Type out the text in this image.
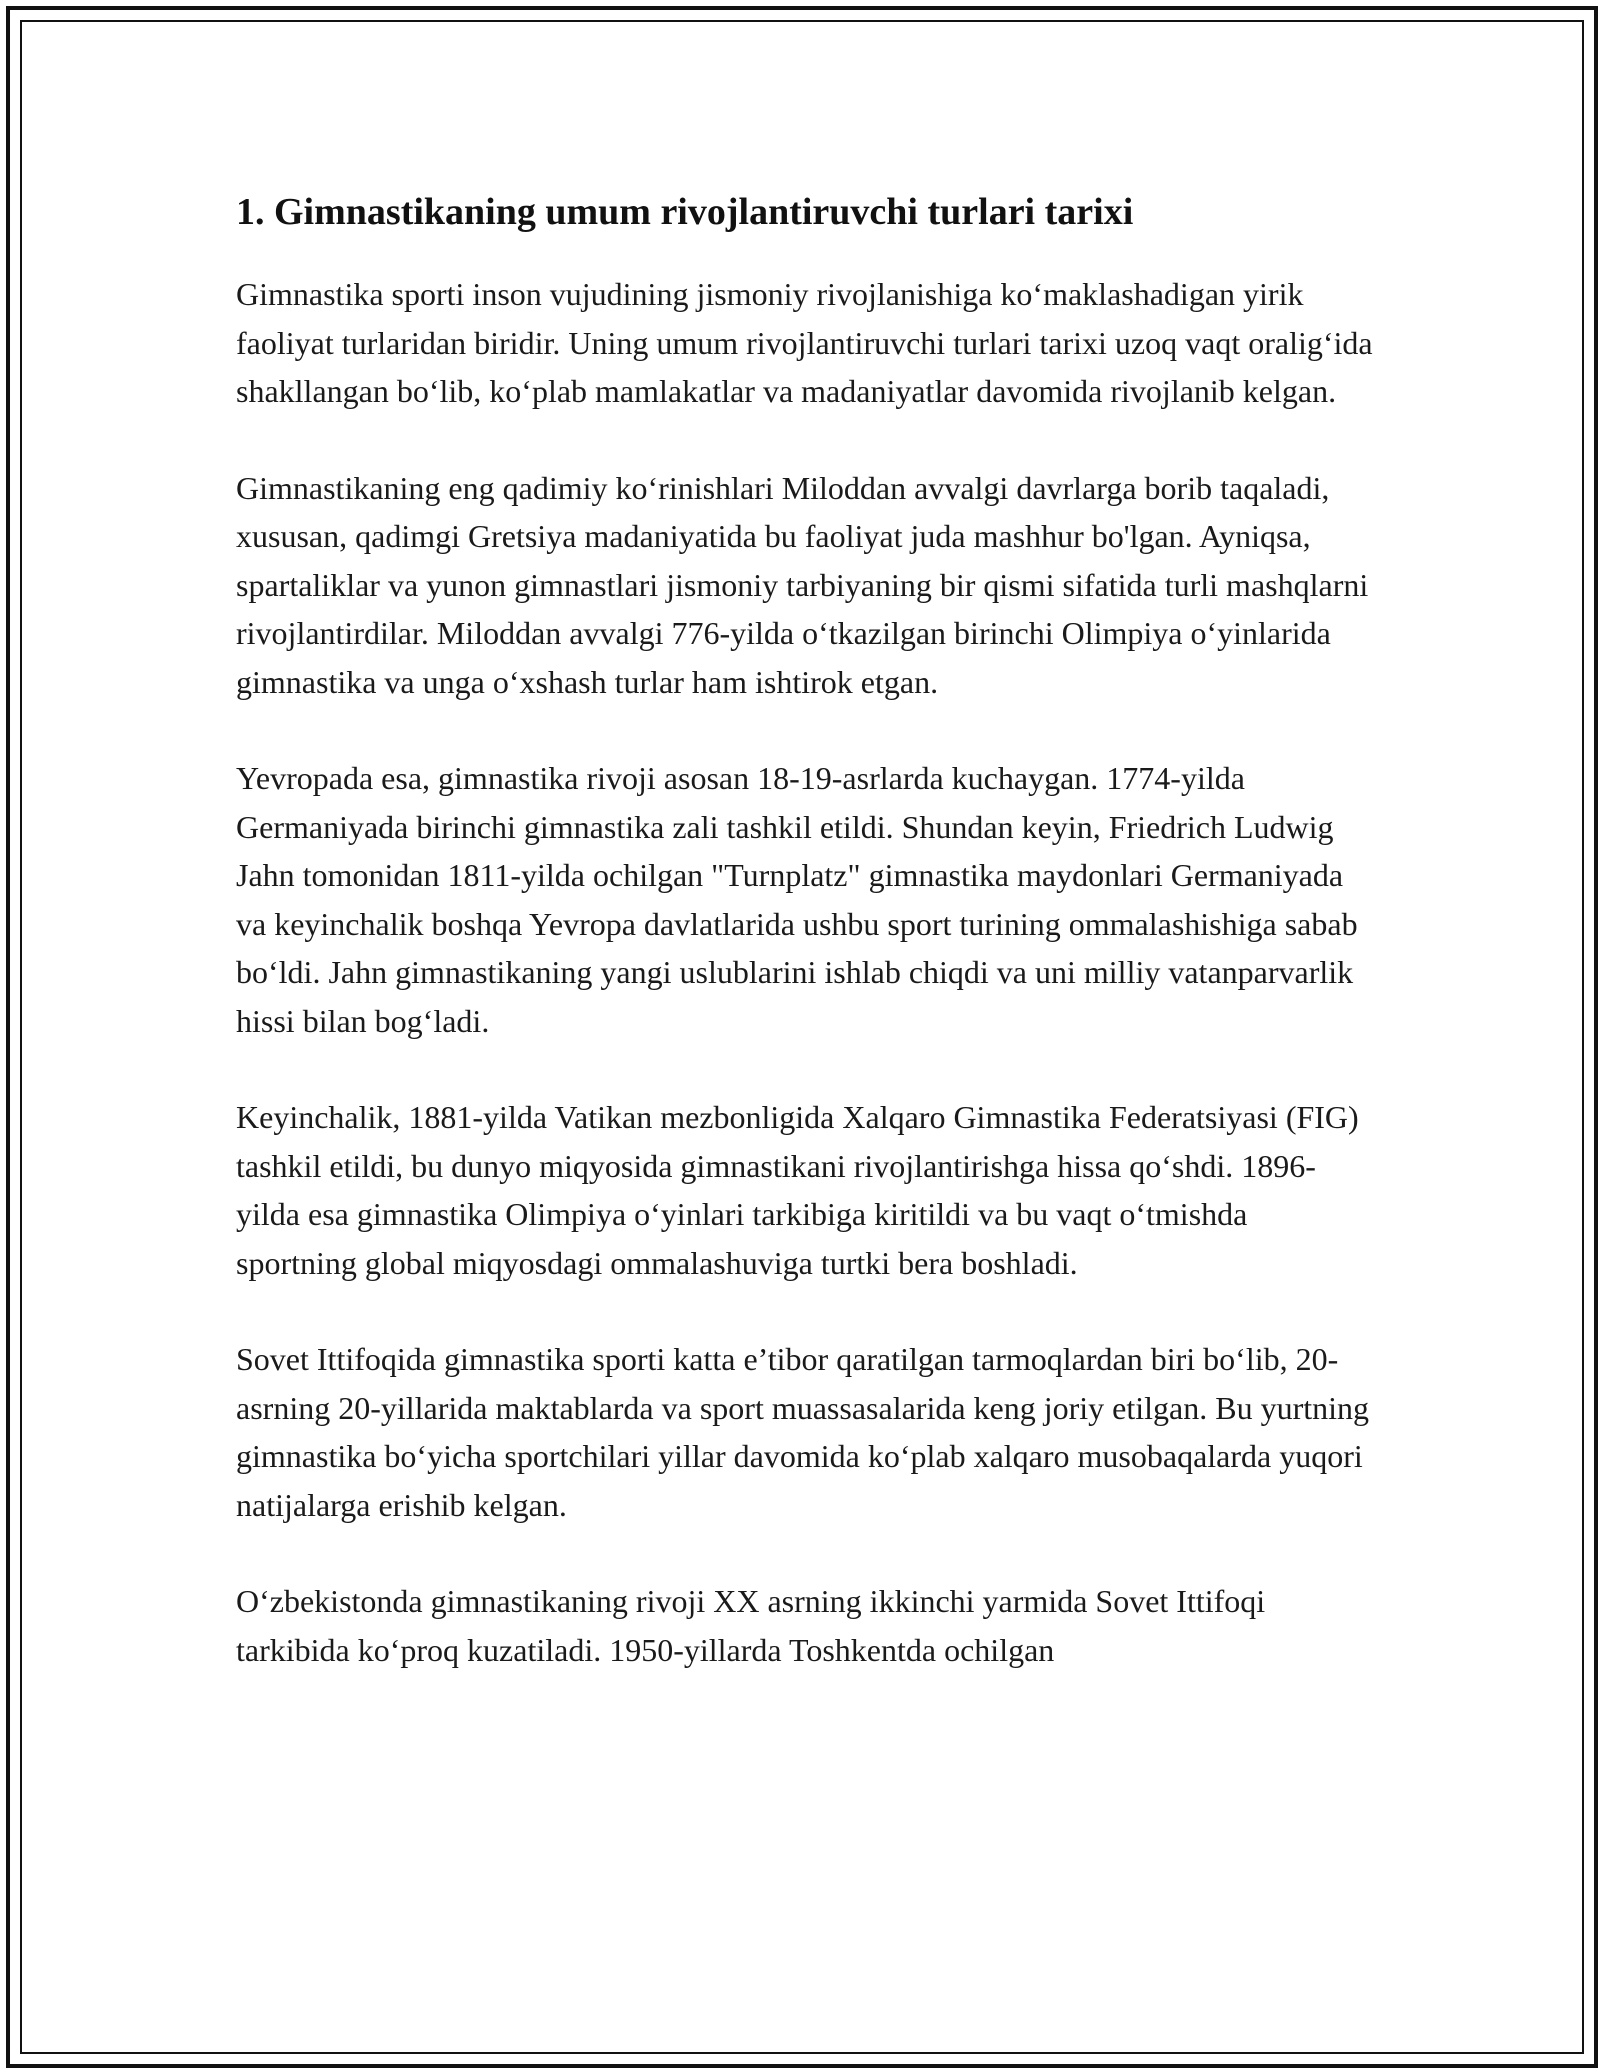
1. Gimnastikaning umum rivojlantiruvchi turlari tarixi

Gimnastika sporti inson vujudining jismoniy rivojlanishiga ko‘maklashadigan yirik faoliyat turlaridan biridir. Uning umum rivojlantiruvchi turlari tarixi uzoq vaqt oralig‘ida shakllangan bo‘lib, ko‘plab mamlakatlar va madaniyatlar davomida rivojlanib kelgan.

Gimnastikaning eng qadimiy ko‘rinishlari Miloddan avvalgi davrlarga borib taqaladi, xususan, qadimgi Gretsiya madaniyatida bu faoliyat juda mashhur bo'lgan. Ayniqsa, spartaliklar va yunon gimnastlari jismoniy tarbiyaning bir qismi sifatida turli mashqlarni rivojlantirdilar. Miloddan avvalgi 776-yilda o‘tkazilgan birinchi Olimpiya o‘yinlarida gimnastika va unga o‘xshash turlar ham ishtirok etgan.

Yevropada esa, gimnastika rivoji asosan 18-19-asrlarda kuchaygan. 1774-yilda Germaniyada birinchi gimnastika zali tashkil etildi. Shundan keyin, Friedrich Ludwig Jahn tomonidan 1811-yilda ochilgan "Turnplatz" gimnastika maydonlari Germaniyada va keyinchalik boshqa Yevropa davlatlarida ushbu sport turining ommalashishiga sabab bo‘ldi. Jahn gimnastikaning yangi uslublarini ishlab chiqdi va uni milliy vatanparvarlik hissi bilan bog‘ladi.

Keyinchalik, 1881-yilda Vatikan mezbonligida Xalqaro Gimnastika Federatsiyasi (FIG) tashkil etildi, bu dunyo miqyosida gimnastikani rivojlantirishga hissa qo‘shdi. 1896-yilda esa gimnastika Olimpiya o‘yinlari tarkibiga kiritildi va bu vaqt o‘tmishda sportning global miqyosdagi ommalashuviga turtki bera boshladi.

Sovet Ittifoqida gimnastika sporti katta e’tibor qaratilgan tarmoqlardan biri bo‘lib, 20-asrning 20-yillarida maktablarda va sport muassasalarida keng joriy etilgan. Bu yurtning gimnastika bo‘yicha sportchilari yillar davomida ko‘plab xalqaro musobaqalarda yuqori natijalarga erishib kelgan.

O‘zbekistonda gimnastikaning rivoji XX asrning ikkinchi yarmida Sovet Ittifoqi tarkibida ko‘proq kuzatiladi. 1950-yillarda Toshkentda ochilgan
